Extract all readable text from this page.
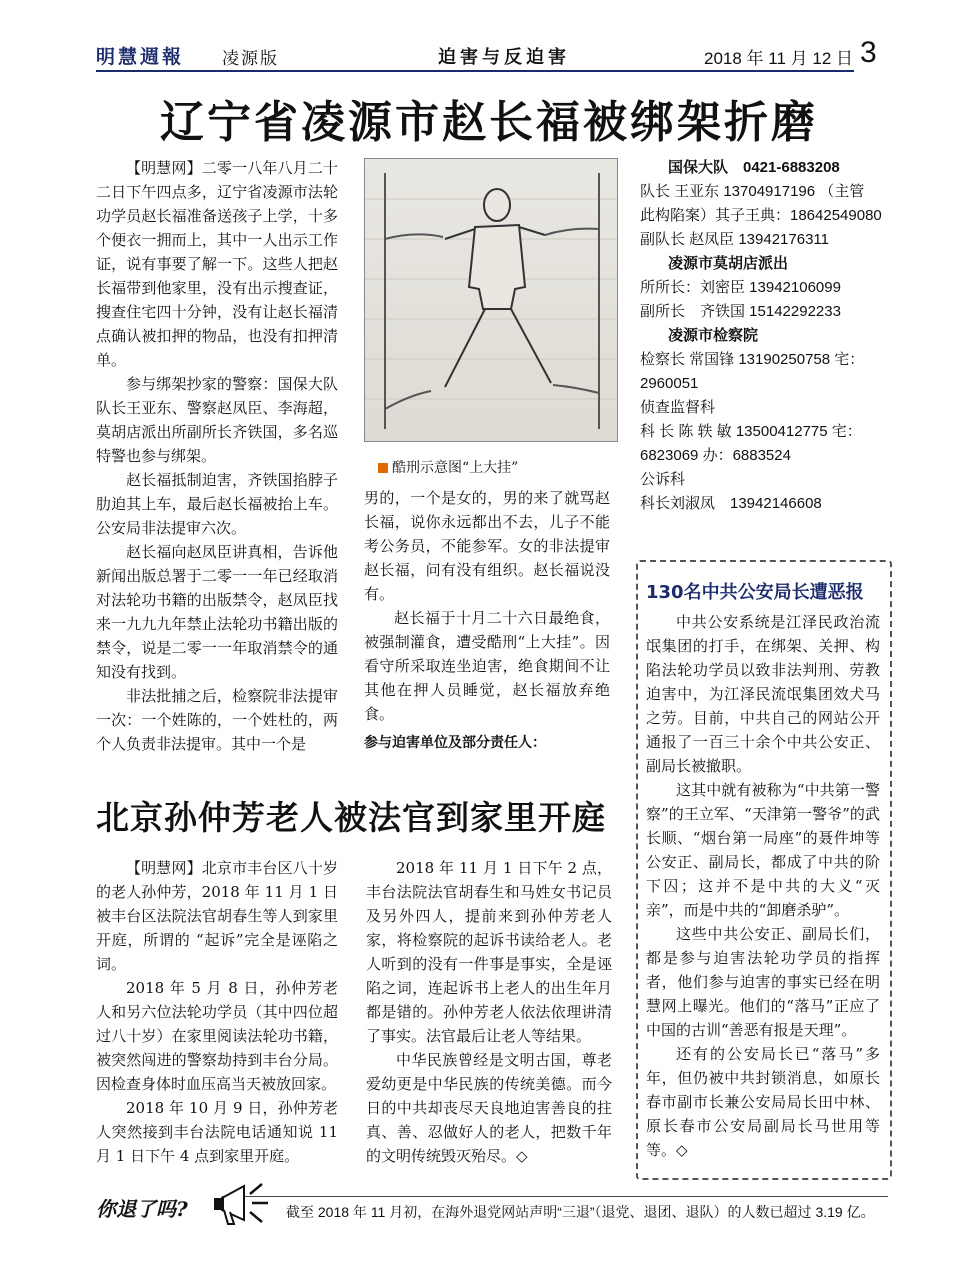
明慧週報 凌源版	迫害与反迫害	2018 年 11 月 12 日 3
辽宁省凌源市赵长福被绑架折磨

【明慧网】二零一八年八月二十二日下午四点多，辽宁省凌源市法轮功学员赵长福准备送孩子上学，十多个便衣一拥而上，其中一人出示工作证，说有事要了解一下。这些人把赵长福带到他家里，没有出示搜查证，搜查住宅四十分钟，没有让赵长福清点确认被扣押的物品，也没有扣押清单。

参与绑架抄家的警察：国保大队队长王亚东、警察赵凤臣、李海超，莫胡店派出所副所长齐铁国，多名巡特警也参与绑架。

赵长福抵制迫害，齐铁国掐脖子肋迫其上车，最后赵长福被抬上车。公安局非法提审六次。

赵长福向赵凤臣讲真相，告诉他新闻出版总署于二零一一年已经取消对法轮功书籍的出版禁令，赵凤臣找来一九九九年禁止法轮功书籍出版的禁令，说是二零一一年取消禁令的通知没有找到。

非法批捕之后，检察院非法提审一次：一个姓陈的，一个姓杜的，两个人负责非法提审。其中一个是

酷刑示意图“上大挂”

男的，一个是女的，男的来了就骂赵长福，说你永远都出不去，儿子不能考公务员，不能参军。女的非法提审赵长福，问有没有组织。赵长福说没有。

赵长福于十月二十六日最绝食，被强制灌食，遭受酷刑“上大挂”。因看守所采取连坐迫害，绝食期间不让其他在押人员睡觉，赵长福放弃绝食。

参与迫害单位及部分责任人：
国保大队　0421-6883208
队长 王亚东 13704917196 （主管
此构陷案）其子王典：18642549080
副队长 赵凤臣 13942176311
凌源市莫胡店派出
所所长：刘密臣 13942106099
副所长　齐铁国 15142292233
凌源市检察院
检察长 常国锋 13190250758 宅：
2960051
侦查监督科
科 长 陈 轶 敏 13500412775 宅：
6823069 办：6883524
公诉科
科长刘淑凤　13942146608
北京孙仲芳老人被法官到家里开庭

【明慧网】北京市丰台区八十岁的老人孙仲芳，2018 年 11 月 1 日被丰台区法院法官胡春生等人到家里开庭，所谓的 “起诉”完全是诬陷之词。

2018 年 5 月 8 日，孙仲芳老人和另六位法轮功学员（其中四位超过八十岁）在家里阅读法轮功书籍，被突然闯进的警察劫持到丰台分局。因检查身体时血压高当天被放回家。

2018 年 10 月 9 日，孙仲芳老人突然接到丰台法院电话通知说 11 月 1 日下午 4 点到家里开庭。

2018 年 11 月 1 日下午 2 点，丰台法院法官胡春生和马姓女书记员及另外四人，提前来到孙仲芳老人家，将检察院的起诉书读给老人。老人听到的没有一件事是事实，全是诬陷之词，连起诉书上老人的出生年月都是错的。孙仲芳老人依法依理讲清了事实。法官最后让老人等结果。

中华民族曾经是文明古国，尊老爱幼更是中华民族的传统美德。而今日的中共却丧尽天良地迫害善良的拄真、善、忍做好人的老人，把数千年的文明传统毁灭殆尽。◇

130名中共公安局长遭恶报

中共公安系统是江泽民政治流氓集团的打手，在绑架、关押、构陷法轮功学员以致非法判刑、劳教迫害中，为江泽民流氓集团效犬马之劳。目前，中共自己的网站公开通报了一百三十余个中共公安正、副局长被撤职。

这其中就有被称为“中共第一警察”的王立军、“天津第一警爷”的武长顺、“烟台第一局座”的聂件坤等公安正、副局长，都成了中共的阶下囚；这并不是中共的大义“灭亲”，而是中共的“卸磨杀驴”。

这些中共公安正、副局长们，都是参与迫害法轮功学员的指挥者，他们参与迫害的事实已经在明慧网上曝光。他们的“落马”正应了中国的古训“善恶有报是天理”。

还有的公安局长已“落马”多年，但仍被中共封锁消息，如原长春市副市长兼公安局局长田中林、原长春市公安局副局长马世用等等。◇

你退了吗?	截至 2018 年 11 月初，在海外退党网站声明“三退”（退党、退团、退队）的人数已超过 3.19 亿。
